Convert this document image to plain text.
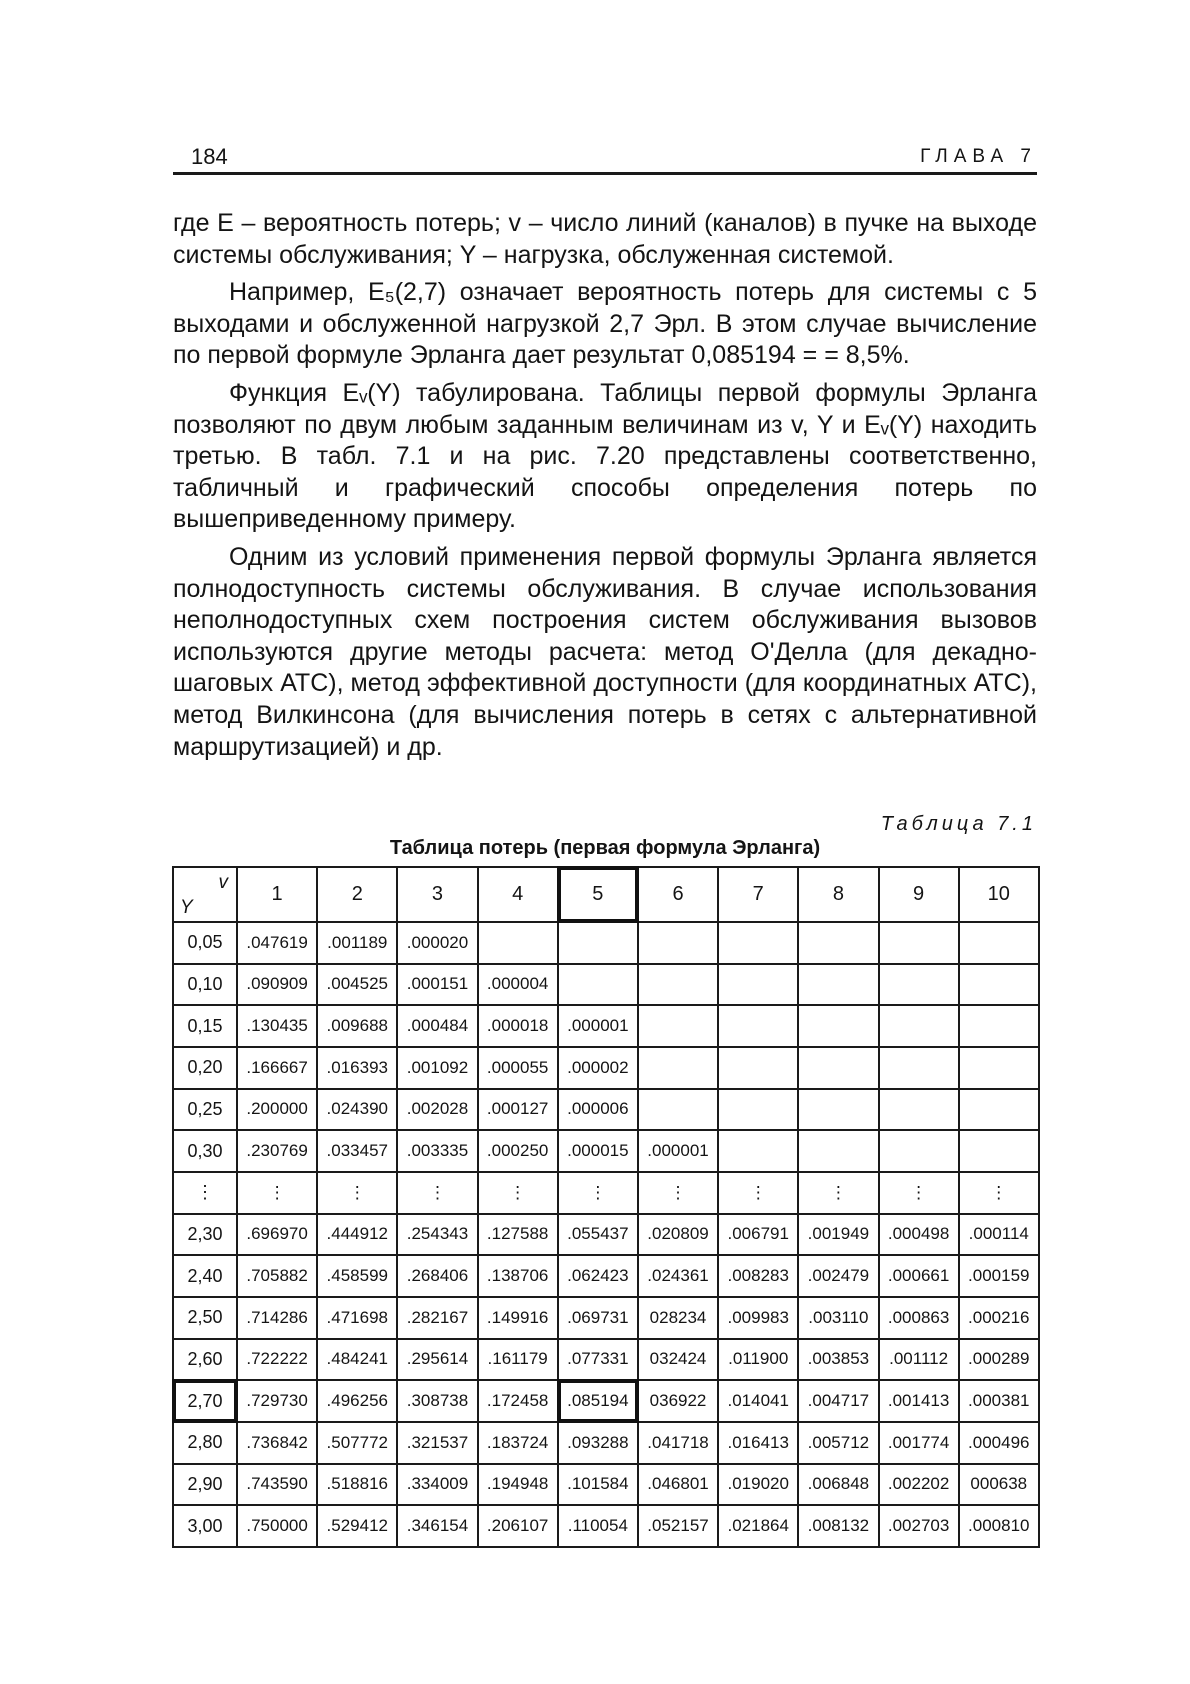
184	ГЛАВА 7

где E – вероятность потерь; v – число линий (каналов) в пучке на выходе системы обслуживания; Y – нагрузка, обслуженная системой.

Например, E₅(2,7) означает вероятность потерь для системы с 5 выходами и обслуженной нагрузкой 2,7 Эрл. В этом случае вычисление по первой формуле Эрланга дает результат 0,085194 = = 8,5%.

Функция Eᵥ(Y) табулирована. Таблицы первой формулы Эрланга позволяют по двум любым заданным величинам из v, Y и Eᵥ(Y) находить третью. В табл. 7.1 и на рис. 7.20 представлены соответственно, табличный и графический способы определения потерь по вышеприведенному примеру.

Одним из условий применения первой формулы Эрланга является полнодоступность системы обслуживания. В случае использования неполнодоступных схем построения систем обслуживания вызовов используются другие методы расчета: метод О'Делла (для декадно-шаговых АТС), метод эффективной доступности (для координатных АТС), метод Вилкинсона (для вычисления потерь в сетях с альтернативной маршрутизацией) и др.

Таблица 7.1
Таблица потерь (первая формула Эрланга)
v
Y	1	2	3	4	5	6	7	8	9	10
0,05	.047619	.001189	.000020							
0,10	.090909	.004525	.000151	.000004						
0,15	.130435	.009688	.000484	.000018	.000001					
0,20	.166667	.016393	.001092	.000055	.000002					
0,25	.200000	.024390	.002028	.000127	.000006					
0,30	.230769	.033457	.003335	.000250	.000015	.000001				
⋮	⋮	⋮	⋮	⋮	⋮	⋮	⋮	⋮	⋮	⋮
2,30	.696970	.444912	.254343	.127588	.055437	.020809	.006791	.001949	.000498	.000114
2,40	.705882	.458599	.268406	.138706	.062423	.024361	.008283	.002479	.000661	.000159
2,50	.714286	.471698	.282167	.149916	.069731	028234	.009983	.003110	.000863	.000216
2,60	.722222	.484241	.295614	.161179	.077331	032424	.011900	.003853	.001112	.000289
2,70	.729730	.496256	.308738	.172458	.085194	036922	.014041	.004717	.001413	.000381
2,80	.736842	.507772	.321537	.183724	.093288	.041718	.016413	.005712	.001774	.000496
2,90	.743590	.518816	.334009	.194948	.101584	.046801	.019020	.006848	.002202	000638
3,00	.750000	.529412	.346154	.206107	.110054	.052157	.021864	.008132	.002703	.000810
